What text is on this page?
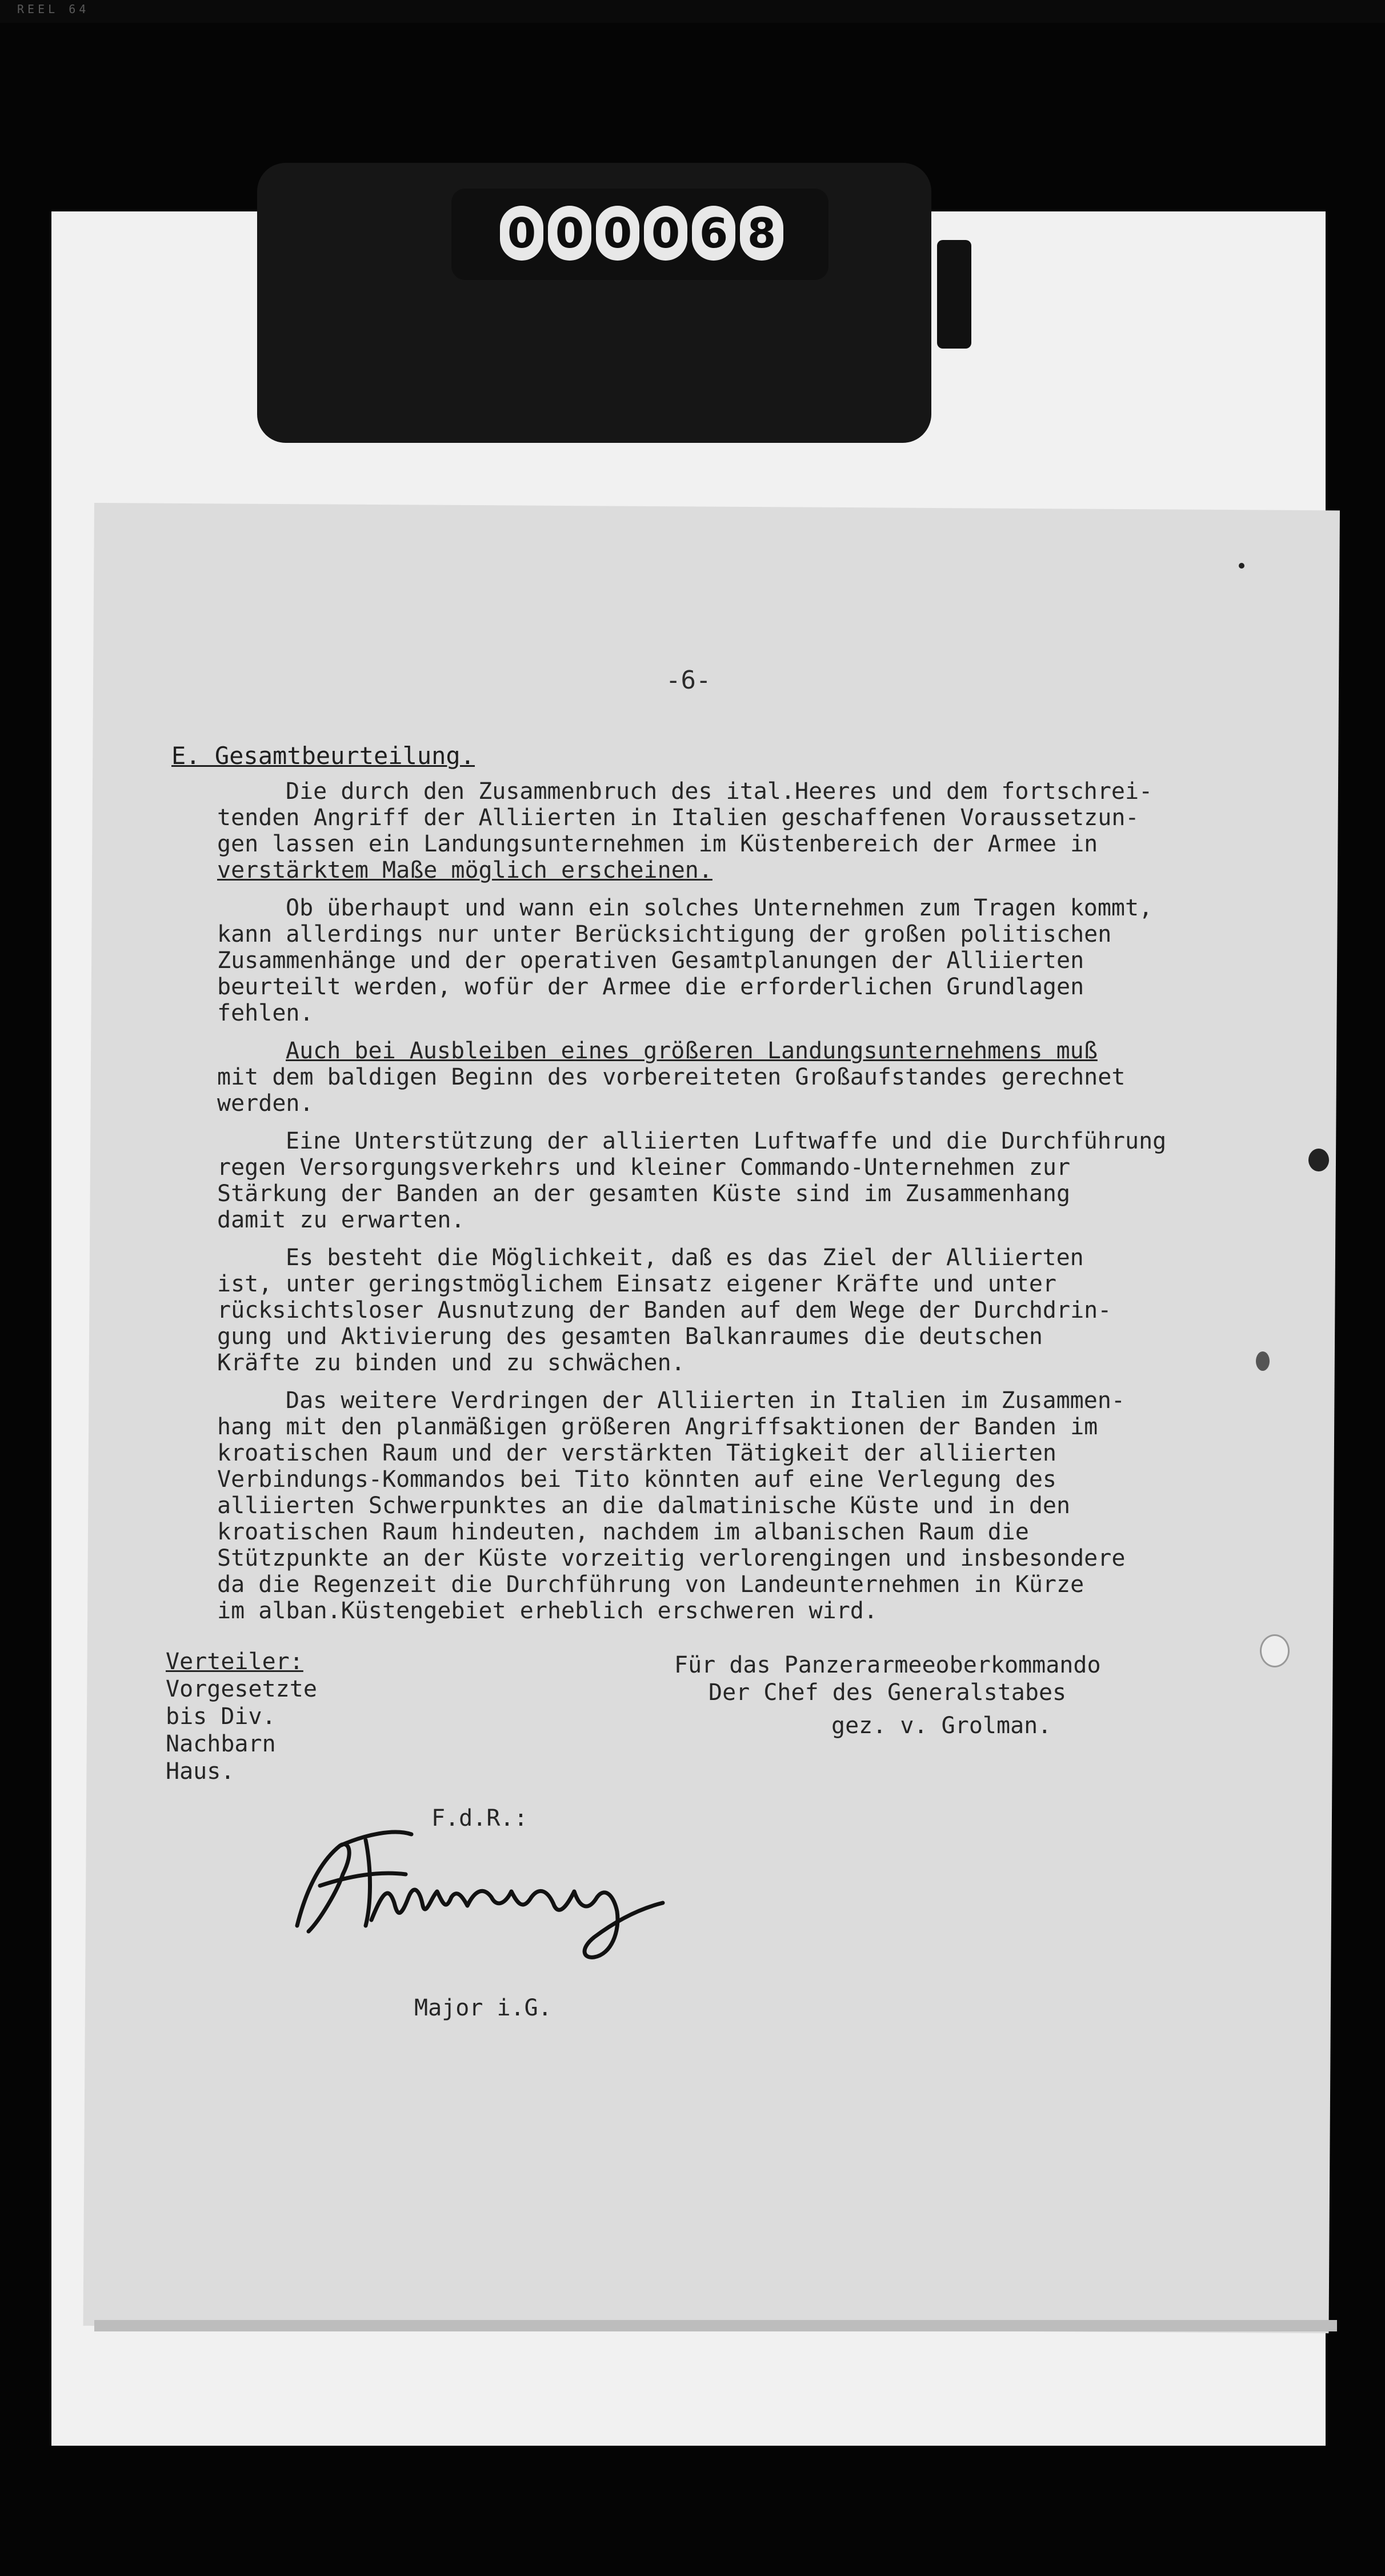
REEL 64
0 0 0 0 6 8
-6-
E. Gesamtbeurteilung.
Die durch den Zusammenbruch des ital.Heeres und dem fortschrei-
tenden Angriff der Alliierten in Italien geschaffenen Voraussetzun-
gen lassen ein Landungsunternehmen im Küstenbereich der Armee in
verstärktem Maße möglich erscheinen.
Ob überhaupt und wann ein solches Unternehmen zum Tragen kommt,
kann allerdings nur unter Berücksichtigung der großen politischen
Zusammenhänge und der operativen Gesamtplanungen der Alliierten
beurteilt werden, wofür der Armee die erforderlichen Grundlagen
fehlen.
Auch bei Ausbleiben eines größeren Landungsunternehmens muß
mit dem baldigen Beginn des vorbereiteten Großaufstandes gerechnet
werden.
Eine Unterstützung der alliierten Luftwaffe und die Durchführung
regen Versorgungsverkehrs und kleiner Commando-Unternehmen zur
Stärkung der Banden an der gesamten Küste sind im Zusammenhang
damit zu erwarten.
Es besteht die Möglichkeit, daß es das Ziel der Alliierten
ist, unter geringstmöglichem Einsatz eigener Kräfte und unter
rücksichtsloser Ausnutzung der Banden auf dem Wege der Durchdrin-
gung und Aktivierung des gesamten Balkanraumes die deutschen
Kräfte zu binden und zu schwächen.
Das weitere Verdringen der Alliierten in Italien im Zusammen-
hang mit den planmäßigen größeren Angriffsaktionen der Banden im
kroatischen Raum und der verstärkten Tätigkeit der alliierten
Verbindungs-Kommandos bei Tito könnten auf eine Verlegung des
alliierten Schwerpunktes an die dalmatinische Küste und in den
kroatischen Raum hindeuten, nachdem im albanischen Raum die
Stützpunkte an der Küste vorzeitig verlorengingen und insbesondere
da die Regenzeit die Durchführung von Landeunternehmen in Kürze
im alban.Küstengebiet erheblich erschweren wird.
Verteiler:
Vorgesetzte
bis Div.
Nachbarn
Haus.
Für das Panzerarmeeoberkommando
Der Chef des Generalstabes
gez. v. Grolman.
F.d.R.:
Major i.G.
